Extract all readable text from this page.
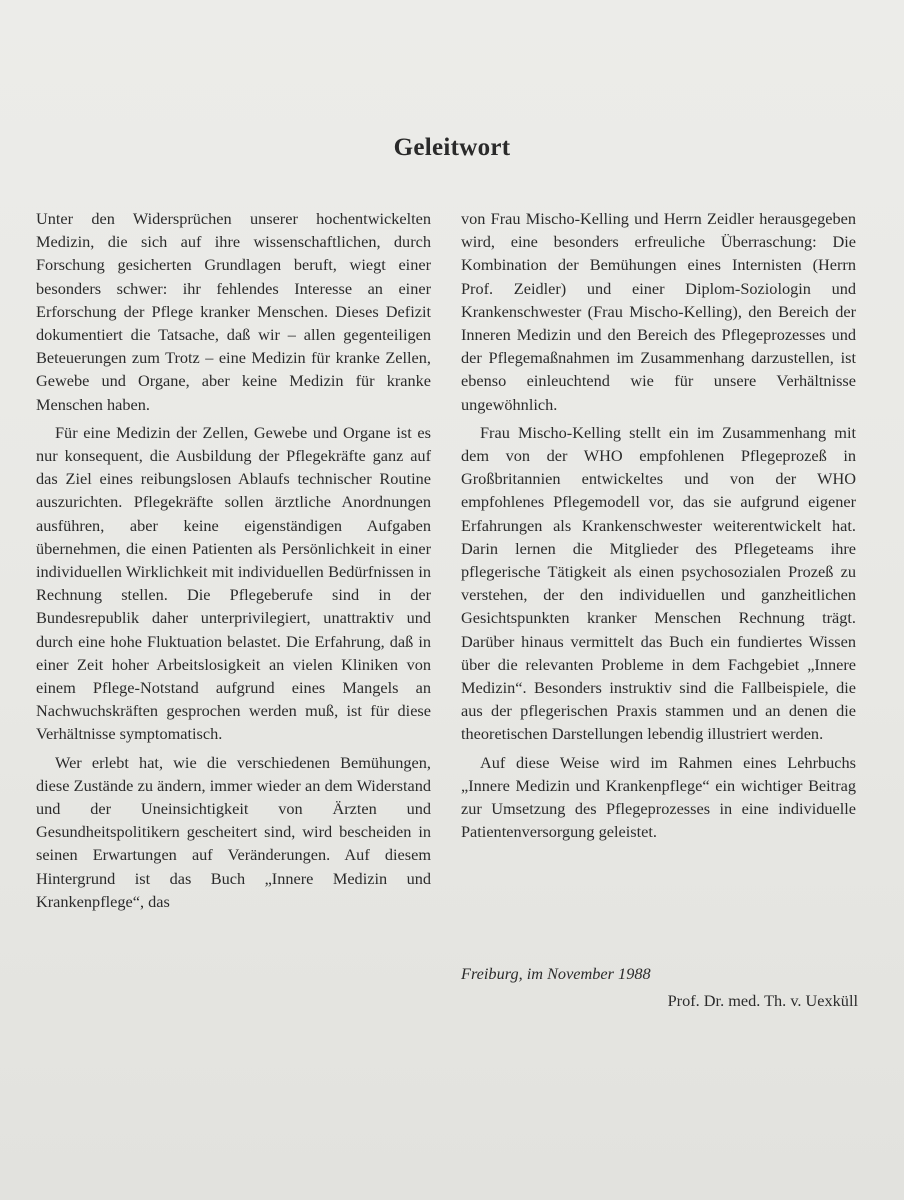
Geleitwort

Unter den Widersprüchen unserer hochentwickelten Medizin, die sich auf ihre wissenschaftlichen, durch Forschung gesicherten Grundlagen beruft, wiegt einer besonders schwer: ihr fehlendes Interesse an einer Erforschung der Pflege kranker Menschen. Dieses Defizit dokumentiert die Tatsache, daß wir – allen gegenteiligen Beteuerungen zum Trotz – eine Medizin für kranke Zellen, Gewebe und Organe, aber keine Medizin für kranke Menschen haben.

Für eine Medizin der Zellen, Gewebe und Organe ist es nur konsequent, die Ausbildung der Pflegekräfte ganz auf das Ziel eines reibungslosen Ablaufs technischer Routine auszurichten. Pflegekräfte sollen ärztliche Anordnungen ausführen, aber keine eigenständigen Aufgaben übernehmen, die einen Patienten als Persönlichkeit in einer individuellen Wirklichkeit mit individuellen Bedürfnissen in Rechnung stellen. Die Pflegeberufe sind in der Bundesrepublik daher unterprivilegiert, unattraktiv und durch eine hohe Fluktuation belastet. Die Erfahrung, daß in einer Zeit hoher Arbeitslosigkeit an vielen Kliniken von einem Pflege-Notstand aufgrund eines Mangels an Nachwuchskräften gesprochen werden muß, ist für diese Verhältnisse symptomatisch.

Wer erlebt hat, wie die verschiedenen Bemühungen, diese Zustände zu ändern, immer wieder an dem Widerstand und der Uneinsichtigkeit von Ärzten und Gesundheitspolitikern gescheitert sind, wird bescheiden in seinen Erwartungen auf Veränderungen. Auf diesem Hintergrund ist das Buch „Innere Medizin und Krankenpflege“, das

von Frau Mischo-Kelling und Herrn Zeidler herausgegeben wird, eine besonders erfreuliche Überraschung: Die Kombination der Bemühungen eines Internisten (Herrn Prof. Zeidler) und einer Diplom-Soziologin und Krankenschwester (Frau Mischo-Kelling), den Bereich der Inneren Medizin und den Bereich des Pflegeprozesses und der Pflegemaßnahmen im Zusammenhang darzustellen, ist ebenso einleuchtend wie für unsere Verhältnisse ungewöhnlich.

Frau Mischo-Kelling stellt ein im Zusammenhang mit dem von der WHO empfohlenen Pflegeprozeß in Großbritannien entwickeltes und von der WHO empfohlenes Pflegemodell vor, das sie aufgrund eigener Erfahrungen als Krankenschwester weiterentwickelt hat. Darin lernen die Mitglieder des Pflegeteams ihre pflegerische Tätigkeit als einen psychosozialen Prozeß zu verstehen, der den individuellen und ganzheitlichen Gesichtspunkten kranker Menschen Rechnung trägt. Darüber hinaus vermittelt das Buch ein fundiertes Wissen über die relevanten Probleme in dem Fachgebiet „Innere Medizin“. Besonders instruktiv sind die Fallbeispiele, die aus der pflegerischen Praxis stammen und an denen die theoretischen Darstellungen lebendig illustriert werden.

Auf diese Weise wird im Rahmen eines Lehrbuchs „Innere Medizin und Krankenpflege“ ein wichtiger Beitrag zur Umsetzung des Pflegeprozesses in eine individuelle Patientenversorgung geleistet.

Freiburg, im November 1988
Prof. Dr. med. Th. v. Uexküll
